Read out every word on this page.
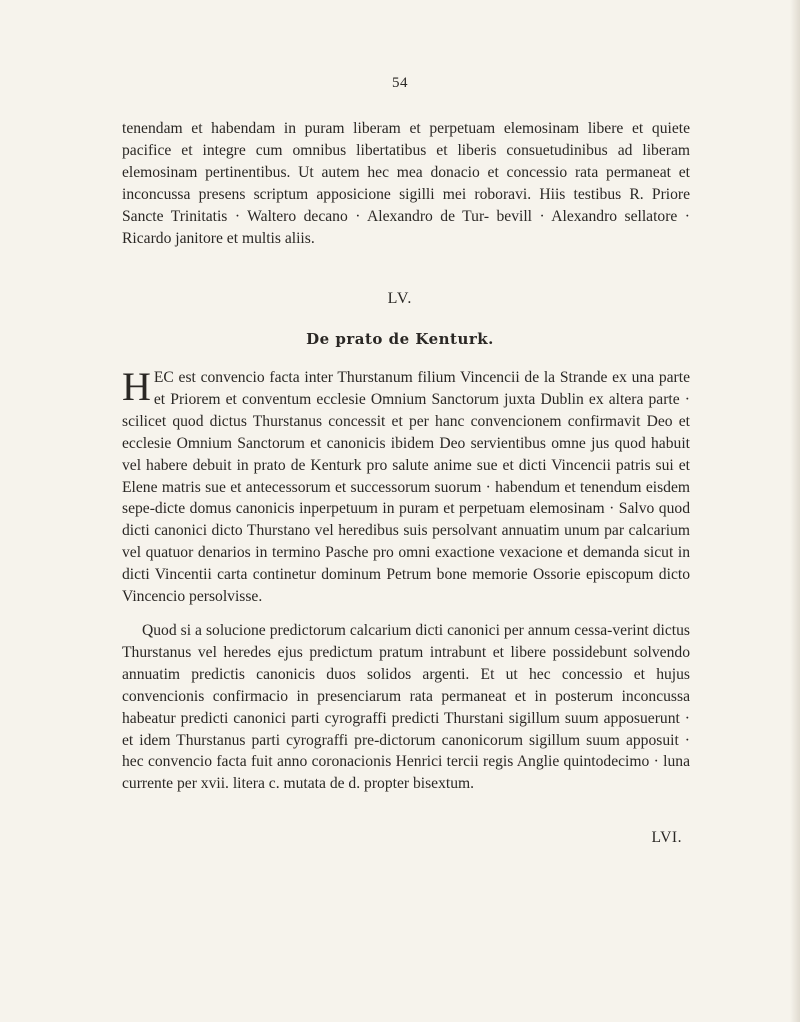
54

tenendam et habendam in puram liberam et perpetuam elemosinam libere et quiete pacifice et integre cum omnibus libertatibus et liberis consuetudinibus ad liberam elemosinam pertinentibus. Ut autem hec mea donacio et concessio rata permaneat et inconcussa presens scriptum apposicione sigilli mei roboravi. Hiis testibus R. Priore Sancte Trinitatis · Waltero decano · Alexandro de Tur- bevill · Alexandro sellatore · Ricardo janitore et multis aliis.

LV.
De prato de Kenturk.

H EC est convencio facta inter Thurstanum filium Vincencii de la Strande ex una parte et Priorem et conventum ecclesie Omnium Sanctorum juxta Dublin ex altera parte · scilicet quod dictus Thurstanus concessit et per hanc convencionem confirmavit Deo et ecclesie Omnium Sanctorum et canonicis ibidem Deo servientibus omne jus quod habuit vel habere debuit in prato de Kenturk pro salute anime sue et dicti Vincencii patris sui et Elene matris sue et antecessorum et successorum suorum · habendum et tenendum eisdem sepe-dicte domus canonicis inperpetuum in puram et perpetuam elemosinam · Salvo quod dicti canonici dicto Thurstano vel heredibus suis persolvant annuatim unum par calcarium vel quatuor denarios in termino Pasche pro omni exactione vexacione et demanda sicut in dicti Vincentii carta continetur dominum Petrum bone memorie Ossorie episcopum dicto Vincencio persolvisse.

Quod si a solucione predictorum calcarium dicti canonici per annum cessa-verint dictus Thurstanus vel heredes ejus predictum pratum intrabunt et libere possidebunt solvendo annuatim predictis canonicis duos solidos argenti. Et ut hec concessio et hujus convencionis confirmacio in presenciarum rata permaneat et in posterum inconcussa habeatur predicti canonici parti cyrograffi predicti Thurstani sigillum suum apposuerunt · et idem Thurstanus parti cyrograffi pre-dictorum canonicorum sigillum suum apposuit · hec convencio facta fuit anno coronacionis Henrici tercii regis Anglie quintodecimo · luna currente per xvii. litera c. mutata de d. propter bisextum.

LVI.
